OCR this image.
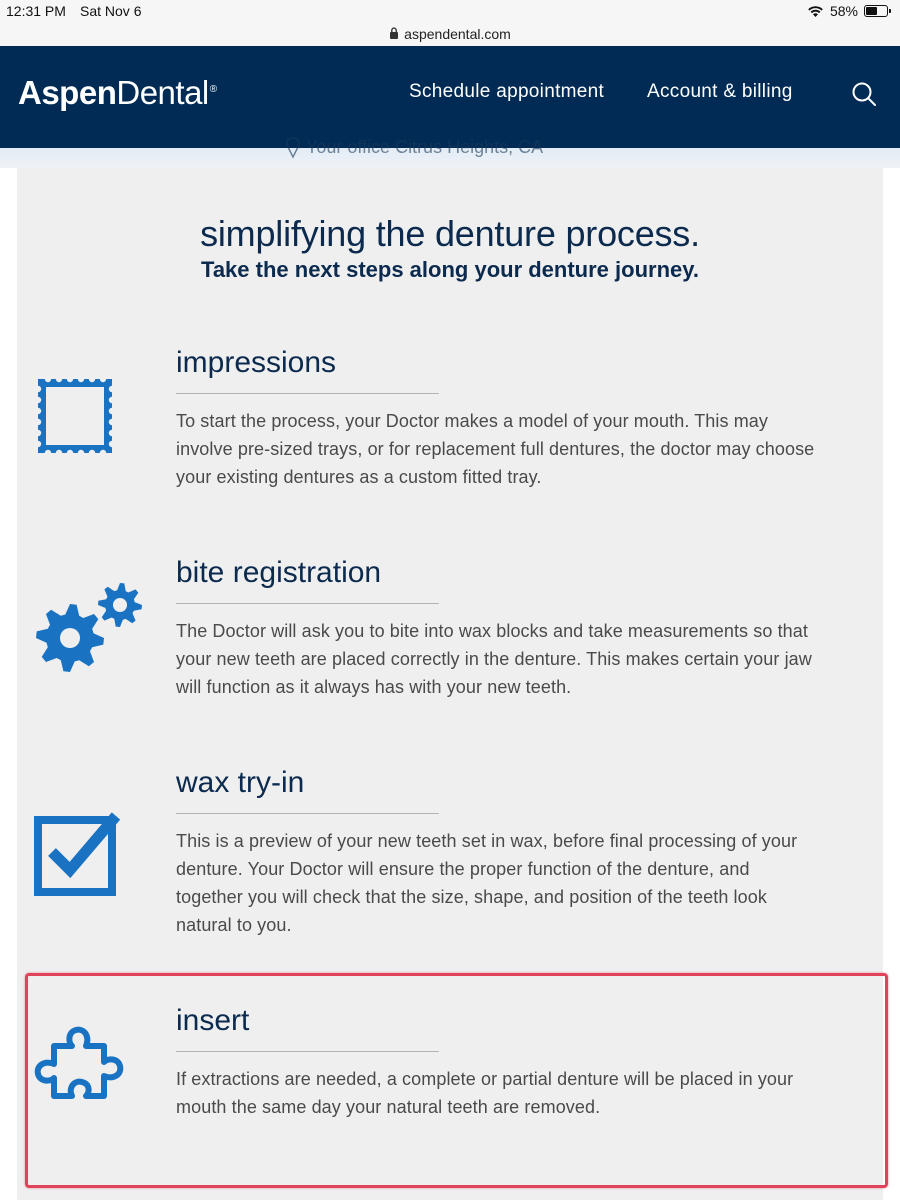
12:31 PM Sat Nov 6	58%
aspendental.com
AspenDental®	Schedule appointment Account & billing
Your office Citrus Heights, CA
simplifying the denture process.
Take the next steps along your denture journey.
impressions
To start the process, your Doctor makes a model of your mouth. This may
involve pre-sized trays, or for replacement full dentures, the doctor may choose
your existing dentures as a custom fitted tray.
bite registration
The Doctor will ask you to bite into wax blocks and take measurements so that
your new teeth are placed correctly in the denture. This makes certain your jaw
will function as it always has with your new teeth.
wax try-in
This is a preview of your new teeth set in wax, before final processing of your
denture. Your Doctor will ensure the proper function of the denture, and
together you will check that the size, shape, and position of the teeth look
natural to you.
insert
If extractions are needed, a complete or partial denture will be placed in your
mouth the same day your natural teeth are removed.
